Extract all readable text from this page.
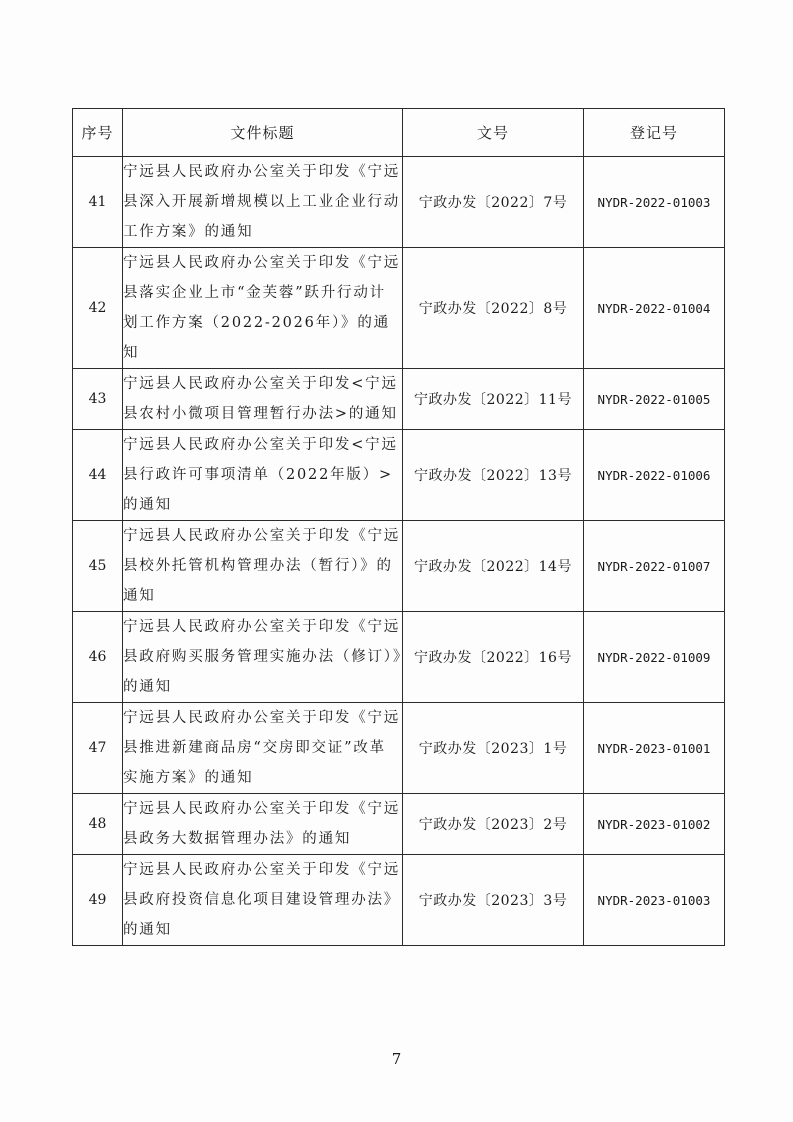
序号	文件标题	文号	登记号
41	宁远县人民政府办公室关于印发《宁远县深入开展新增规模以上工业企业行动工作方案》的通知	宁政办发〔2022〕7号	NYDR-2022-01003
42	宁远县人民政府办公室关于印发《宁远县落实企业上市“金芙蓉”跃升行动计划工作方案（2022-2026年）》的通知	宁政办发〔2022〕8号	NYDR-2022-01004
43	宁远县人民政府办公室关于印发<宁远县农村小微项目管理暂行办法>的通知	宁政办发〔2022〕11号	NYDR-2022-01005
44	宁远县人民政府办公室关于印发<宁远县行政许可事项清单（2022年版）>的通知	宁政办发〔2022〕13号	NYDR-2022-01006
45	宁远县人民政府办公室关于印发《宁远县校外托管机构管理办法（暂行）》的通知	宁政办发〔2022〕14号	NYDR-2022-01007
46	宁远县人民政府办公室关于印发《宁远县政府购买服务管理实施办法（修订）》的通知	宁政办发〔2022〕16号	NYDR-2022-01009
47	宁远县人民政府办公室关于印发《宁远县推进新建商品房“交房即交证”改革实施方案》的通知	宁政办发〔2023〕1号	NYDR-2023-01001
48	宁远县人民政府办公室关于印发《宁远县政务大数据管理办法》的通知	宁政办发〔2023〕2号	NYDR-2023-01002
49	宁远县人民政府办公室关于印发《宁远县政府投资信息化项目建设管理办法》的通知	宁政办发〔2023〕3号	NYDR-2023-01003
7
